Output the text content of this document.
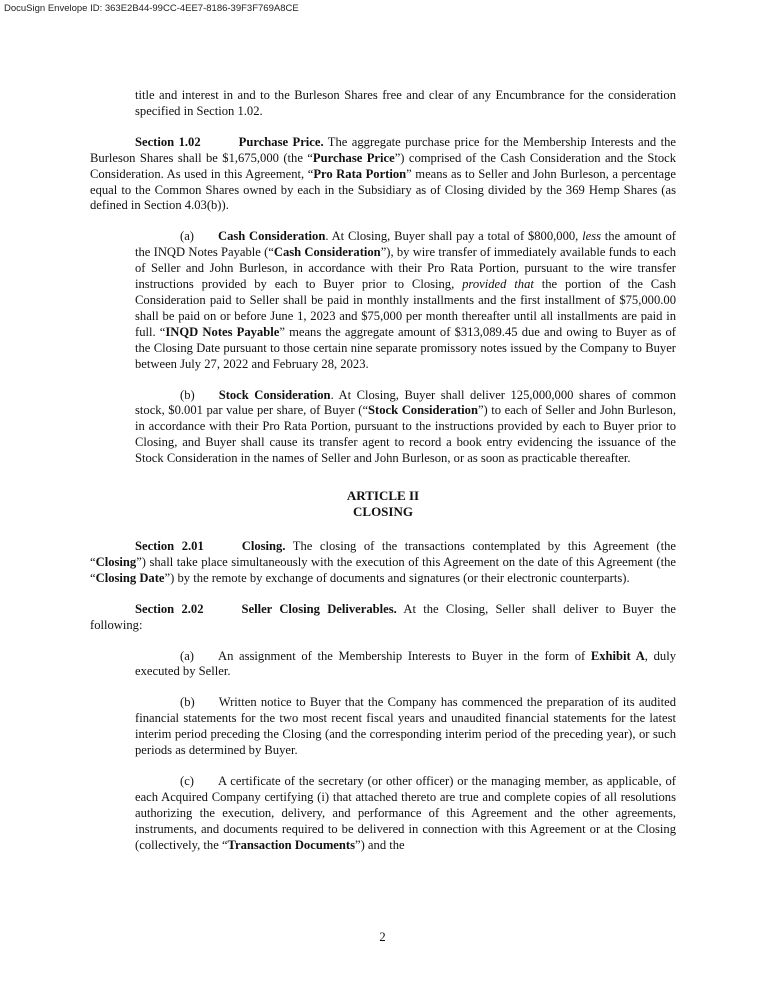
DocuSign Envelope ID: 363E2B44-99CC-4EE7-8186-39F3F769A8CE

title and interest in and to the Burleson Shares free and clear of any Encumbrance for the consideration specified in Section 1.02.

Section 1.02	Purchase Price. The aggregate purchase price for the Membership Interests and the Burleson Shares shall be $1,675,000 (the “Purchase Price”) comprised of the Cash Consideration and the Stock Consideration. As used in this Agreement, “Pro Rata Portion” means as to Seller and John Burleson, a percentage equal to the Common Shares owned by each in the Subsidiary as of Closing divided by the 369 Hemp Shares (as defined in Section 4.03(b)).

(a) Cash Consideration. At Closing, Buyer shall pay a total of $800,000, less the amount of the INQD Notes Payable (“Cash Consideration”), by wire transfer of immediately available funds to each of Seller and John Burleson, in accordance with their Pro Rata Portion, pursuant to the wire transfer instructions provided by each to Buyer prior to Closing, provided that the portion of the Cash Consideration paid to Seller shall be paid in monthly installments and the first installment of $75,000.00 shall be paid on or before June 1, 2023 and $75,000 per month thereafter until all installments are paid in full. “INQD Notes Payable” means the aggregate amount of $313,089.45 due and owing to Buyer as of the Closing Date pursuant to those certain nine separate promissory notes issued by the Company to Buyer between July 27, 2022 and February 28, 2023.

(b) Stock Consideration. At Closing, Buyer shall deliver 125,000,000 shares of common stock, $0.001 par value per share, of Buyer (“Stock Consideration”) to each of Seller and John Burleson, in accordance with their Pro Rata Portion, pursuant to the instructions provided by each to Buyer prior to Closing, and Buyer shall cause its transfer agent to record a book entry evidencing the issuance of the Stock Consideration in the names of Seller and John Burleson, or as soon as practicable thereafter.

ARTICLE II
CLOSING

Section 2.01	Closing. The closing of the transactions contemplated by this Agreement (the “Closing”) shall take place simultaneously with the execution of this Agreement on the date of this Agreement (the “Closing Date”) by the remote by exchange of documents and signatures (or their electronic counterparts).

Section 2.02	Seller Closing Deliverables. At the Closing, Seller shall deliver to Buyer the following:

(a) An assignment of the Membership Interests to Buyer in the form of Exhibit A, duly executed by Seller.

(b) Written notice to Buyer that the Company has commenced the preparation of its audited financial statements for the two most recent fiscal years and unaudited financial statements for the latest interim period preceding the Closing (and the corresponding interim period of the preceding year), or such periods as determined by Buyer.

(c) A certificate of the secretary (or other officer) or the managing member, as applicable, of each Acquired Company certifying (i) that attached thereto are true and complete copies of all resolutions authorizing the execution, delivery, and performance of this Agreement and the other agreements, instruments, and documents required to be delivered in connection with this Agreement or at the Closing (collectively, the “Transaction Documents”) and the

2
